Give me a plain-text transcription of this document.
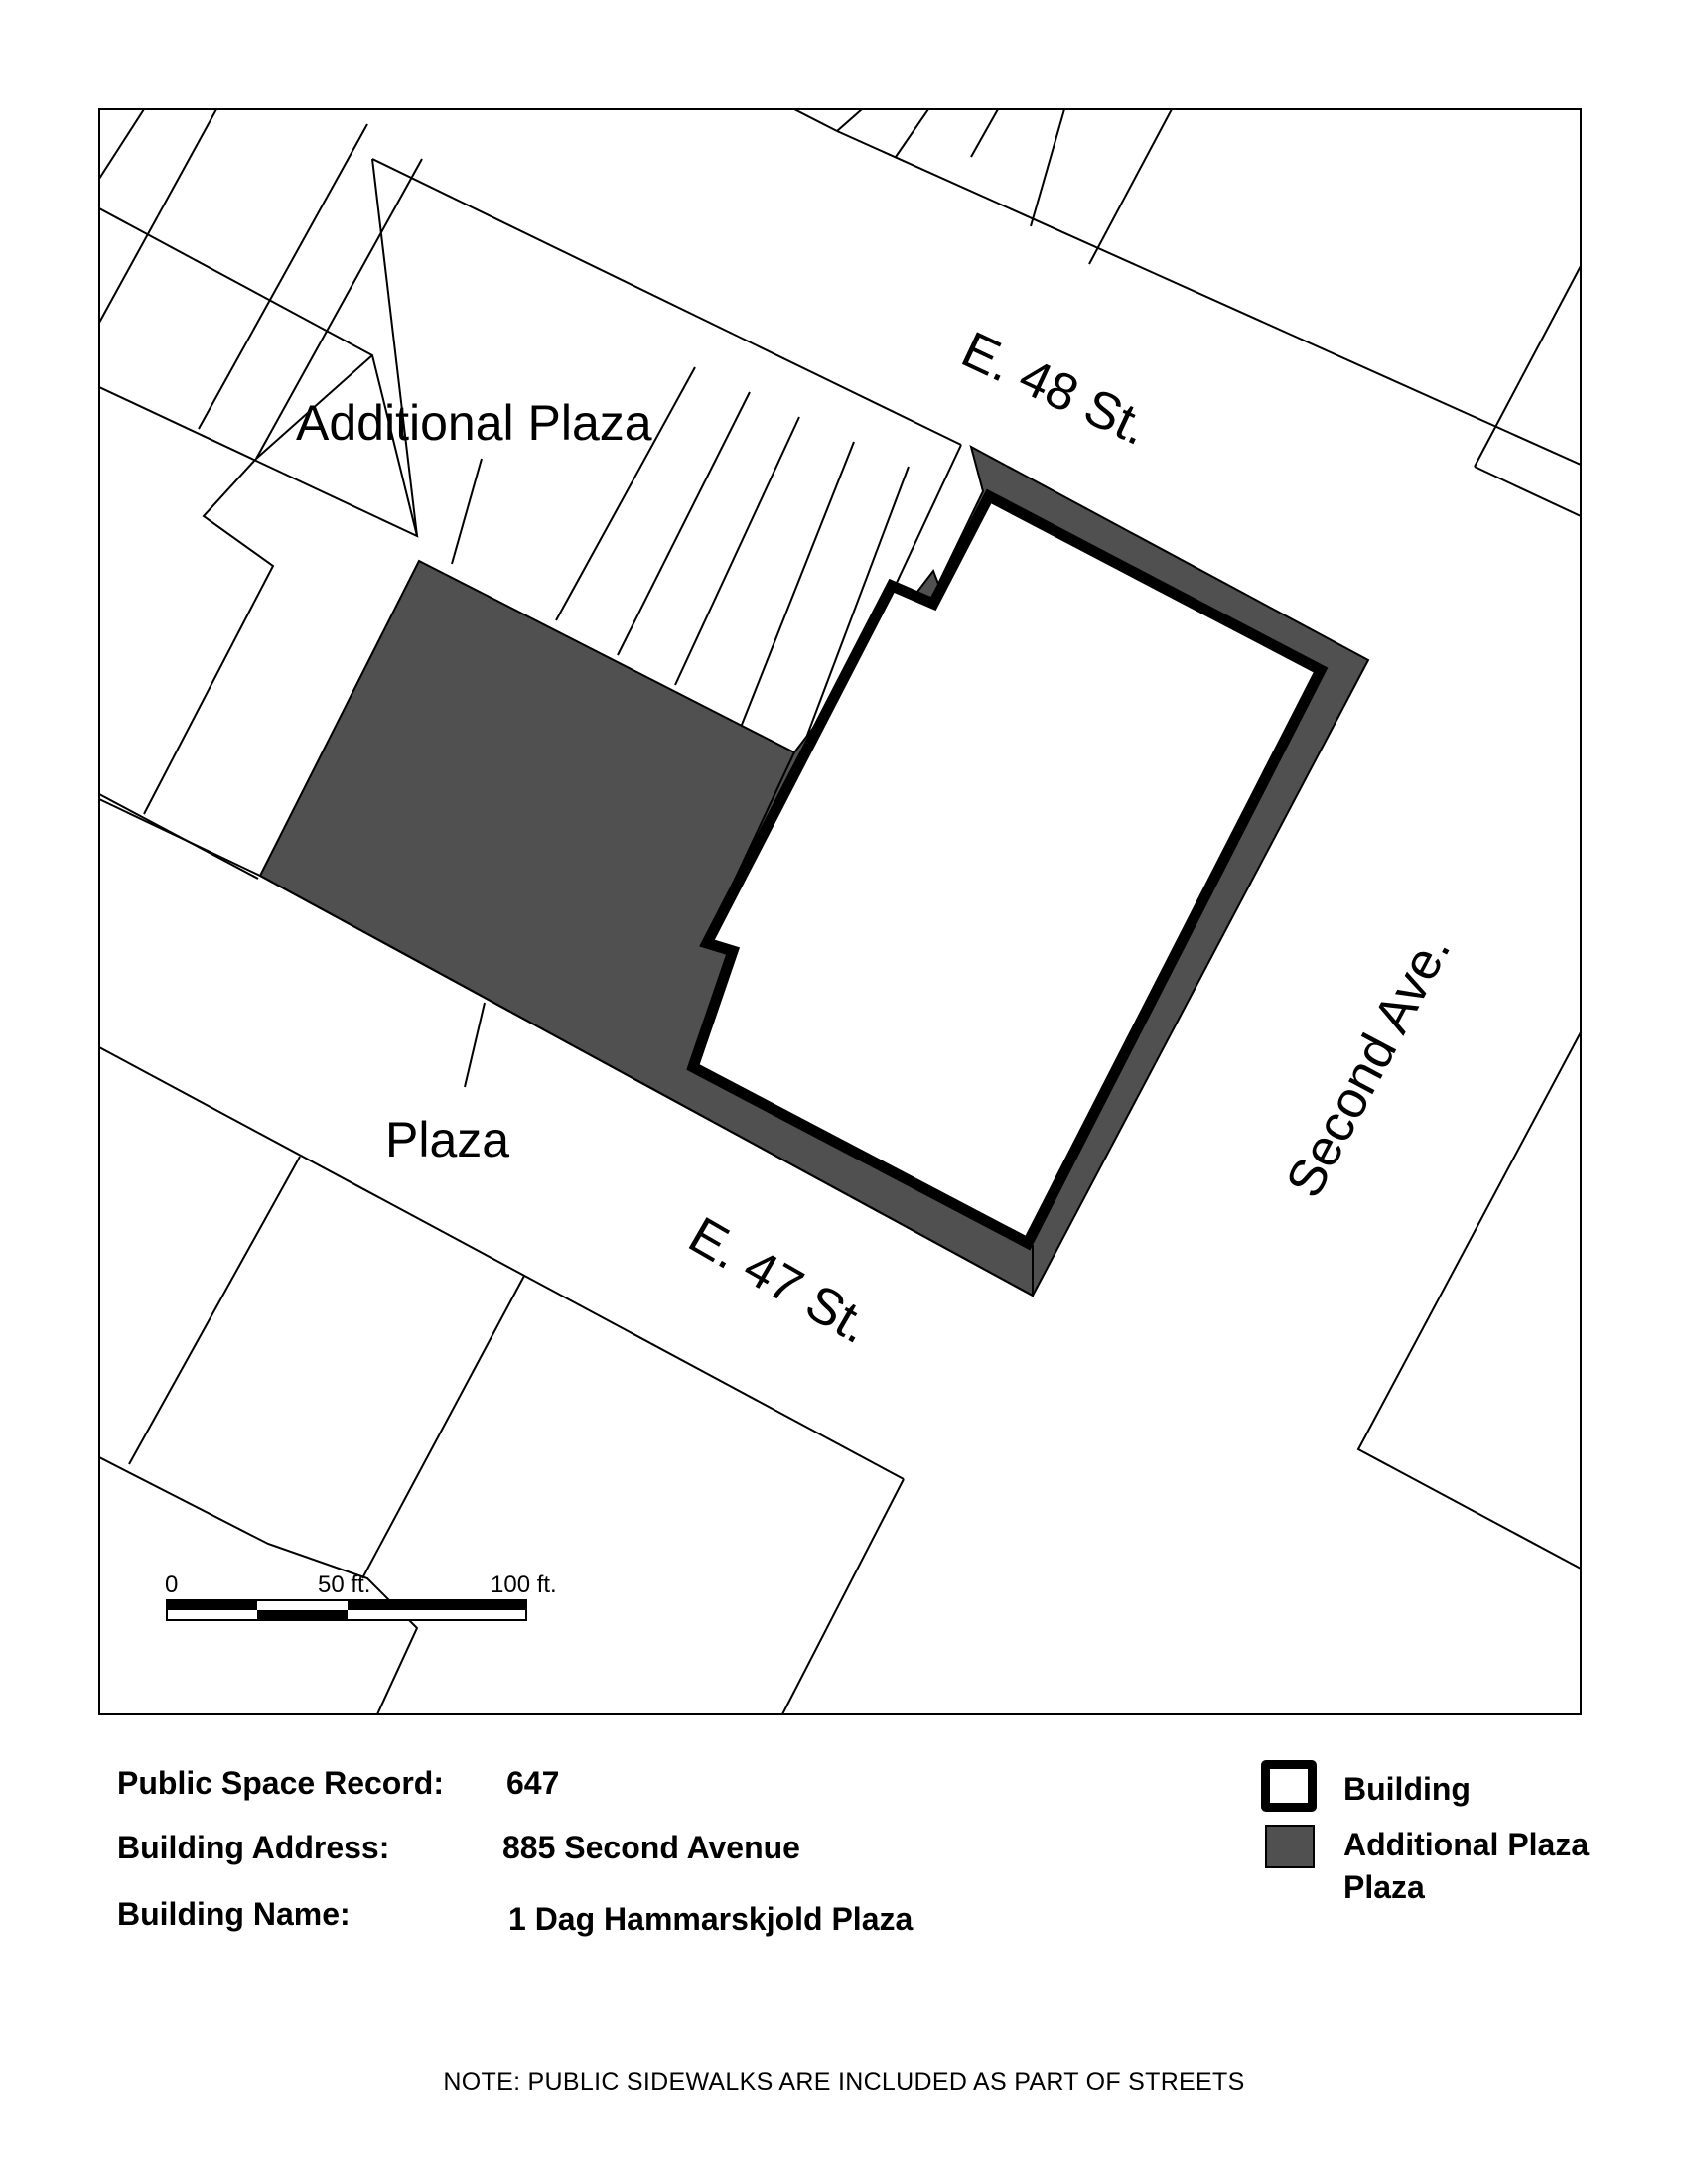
E. 48 St.
E. 47 St.
Second Ave.
Additional Plaza
Plaza
0	50 ft.	100 ft.
Public Space Record: 647
Building Address:	885 Second Avenue
Building Name:	1 Dag Hammarskjold Plaza
Building
Additional Plaza
Plaza
NOTE: PUBLIC SIDEWALKS ARE INCLUDED AS PART OF STREETS
